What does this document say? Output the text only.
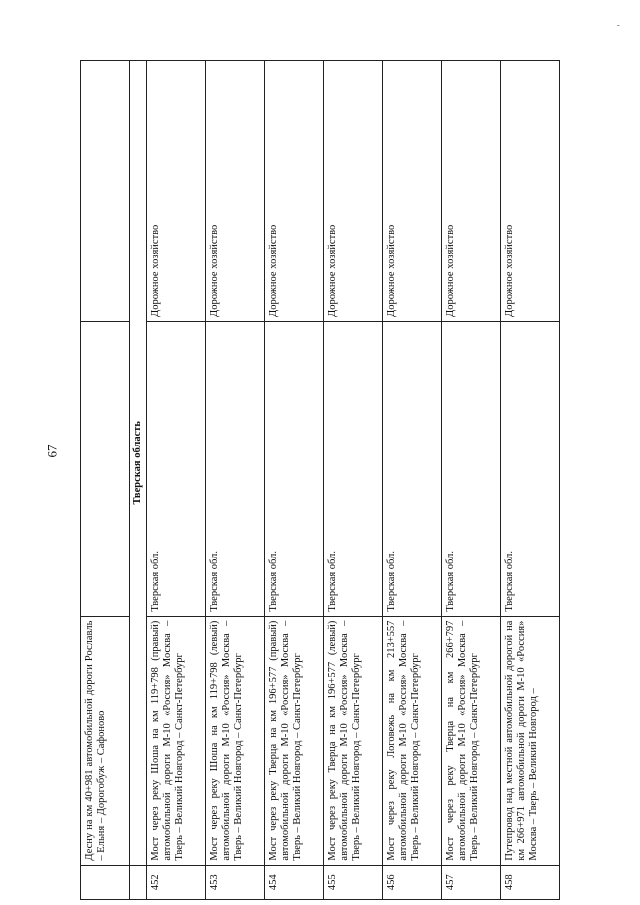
-
67
	Десну на км 40+981 автомобильной дороги Рославль – Ельня – Дорогобуж – Сафоново		
	Тверская область		
452	Мост через реку Шоша на км 119+798 (правый) автомобильной дороги М-10 «Россия» Москва – Тверь – Великий Новгород – Санкт-Петербург	Тверская обл.	Дорожное хозяйство
453	Мост через реку Шоша на км 119+798 (левый) автомобильной дороги М-10 «Россия» Москва – Тверь – Великий Новгород – Санкт-Петербург	Тверская обл.	Дорожное хозяйство
454	Мост через реку Тверца на км 196+577 (правый) автомобильной дороги М-10 «Россия» Москва – Тверь – Великий Новгород – Санкт-Петербург	Тверская обл.	Дорожное хозяйство
455	Мост через реку Тверца на км 196+577 (левый) автомобильной дороги М-10 «Россия» Москва – Тверь – Великий Новгород – Санкт-Петербург	Тверская обл.	Дорожное хозяйство
456	Мост через реку Логовежь на км 213+557 автомобильной дороги М-10 «Россия» Москва – Тверь – Великий Новгород – Санкт-Петербург	Тверская обл.	Дорожное хозяйство
457	Мост через реку Тверца на км 266+797 автомобильной дороги М-10 «Россия» Москва – Тверь – Великий Новгород – Санкт-Петербург	Тверская обл.	Дорожное хозяйство
458	Путепровод над местной автомобильной дорогой на км 266+971 автомобильной дороги М-10 «Россия» Москва – Тверь – Великий Новгород –	Тверская обл.	Дорожное хозяйство
